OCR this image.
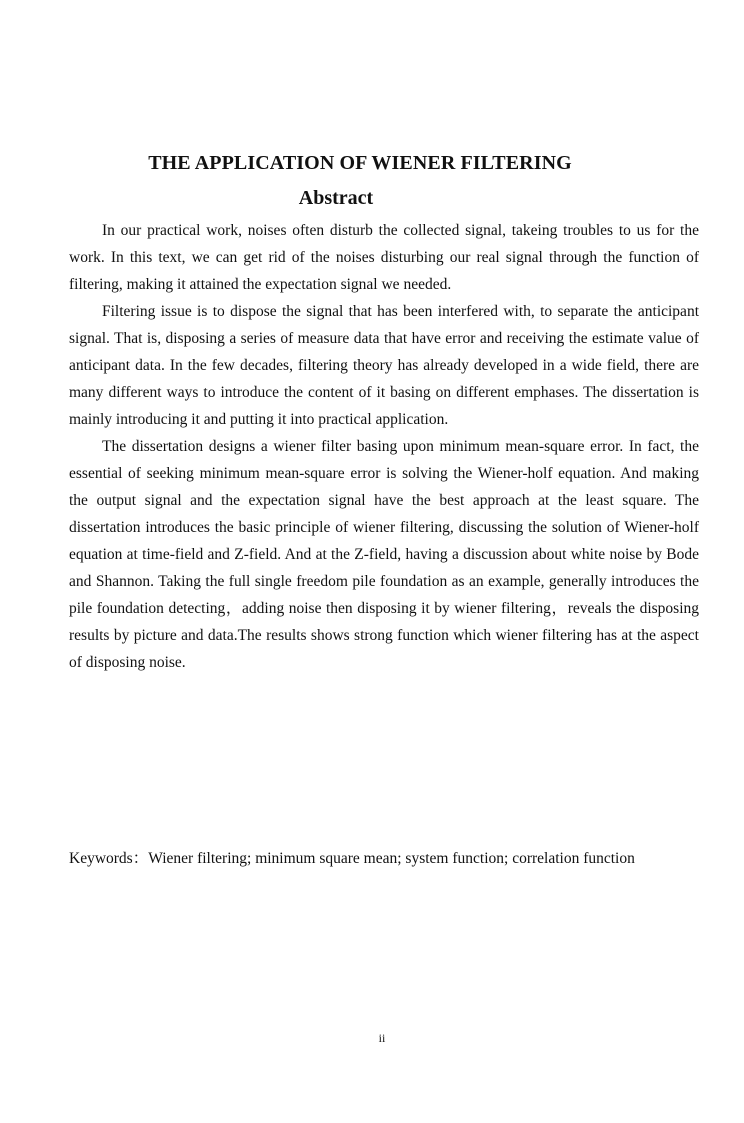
THE APPLICATION OF WIENER FILTERING
Abstract

In our practical work, noises often disturb the collected signal, takeing troubles to us for the work. In this text, we can get rid of the noises disturbing our real signal through the function of filtering, making it attained the expectation signal we needed.

Filtering issue is to dispose the signal that has been interfered with, to separate the anticipant signal. That is, disposing a series of measure data that have error and receiving the estimate value of anticipant data. In the few decades, filtering theory has already developed in a wide field, there are many different ways to introduce the content of it basing on different emphases. The dissertation is mainly introducing it and putting it into practical application.

The dissertation designs a wiener filter basing upon minimum mean-square error. In fact, the essential of seeking minimum mean-square error is solving the Wiener-holf equation. And making the output signal and the expectation signal have the best approach at the least square. The dissertation introduces the basic principle of wiener filtering, discussing the solution of Wiener-holf equation at time-field and Z-field. And at the Z-field, having a discussion about white noise by Bode and Shannon. Taking the full single freedom pile foundation as an example, generally introduces the pile foundation detecting，adding noise then disposing it by wiener filtering，reveals the disposing results by picture and data.The results shows strong function which wiener filtering has at the aspect of disposing noise.

Keywords：Wiener filtering; minimum square mean; system function; correlation function
ii
